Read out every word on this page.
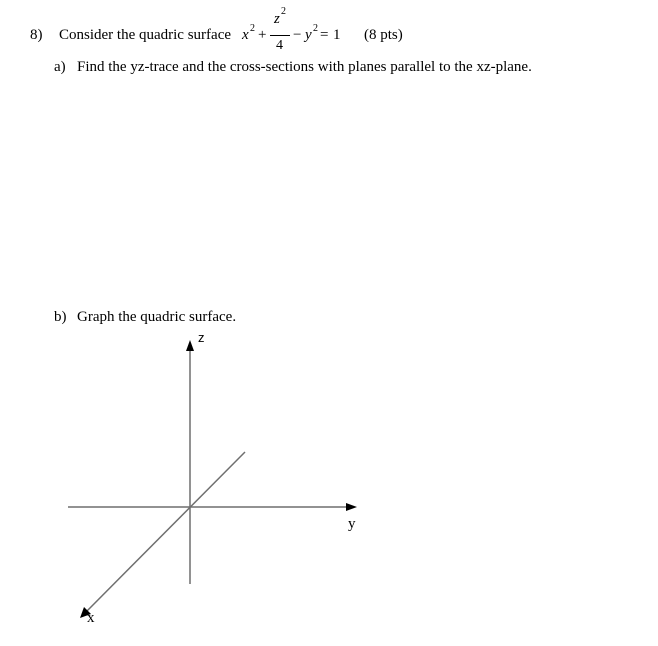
8) Consider the quadric surface x 2 +
z 2
4
− y 2 = 1 (8 pts)
a) Find the yz-trace and the cross-sections with planes parallel to the xz-plane.
b) Graph the quadric surface.
z
y
x
